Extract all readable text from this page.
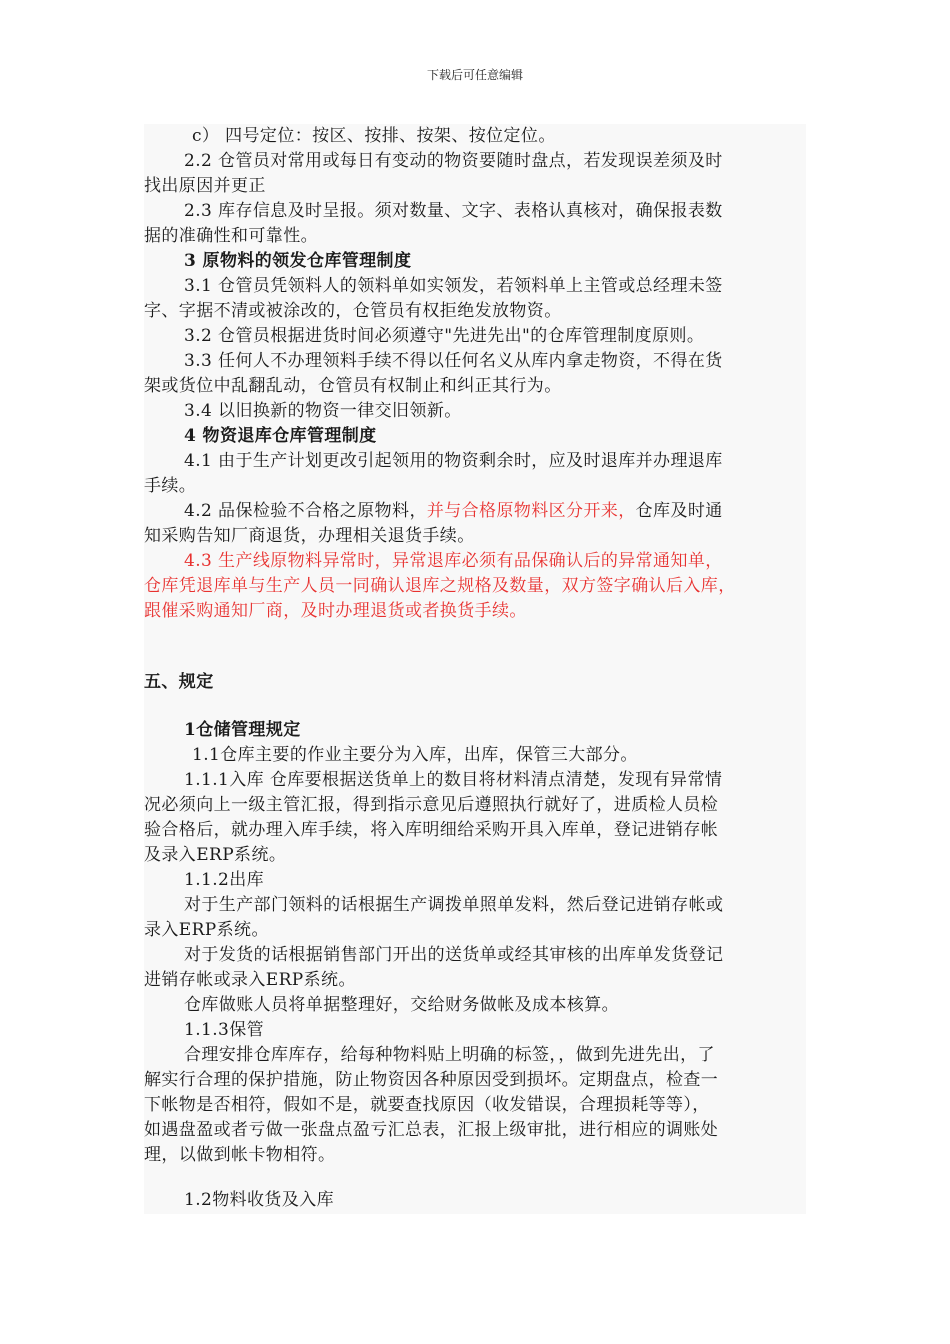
下载后可任意编辑
c） 四号定位：按区、按排、按架、按位定位。
2.2 仓管员对常用或每日有变动的物资要随时盘点，若发现误差须及时
找出原因并更正
2.3 库存信息及时呈报。须对数量、文字、表格认真核对，确保报表数
据的准确性和可靠性。
3 原物料的领发仓库管理制度
3.1 仓管员凭领料人的领料单如实领发，若领料单上主管或总经理未签
字、字据不清或被涂改的，仓管员有权拒绝发放物资。
3.2 仓管员根据进货时间必须遵守"先进先出"的仓库管理制度原则。
3.3 任何人不办理领料手续不得以任何名义从库内拿走物资，不得在货
架或货位中乱翻乱动，仓管员有权制止和纠正其行为。
3.4 以旧换新的物资一律交旧领新。
4 物资退库仓库管理制度
4.1 由于生产计划更改引起领用的物资剩余时，应及时退库并办理退库
手续。
4.2 品保检验不合格之原物料，并与合格原物料区分开来，仓库及时通
知采购告知厂商退货，办理相关退货手续。
4.3 生产线原物料异常时，异常退库必须有品保确认后的异常通知单，
仓库凭退库单与生产人员一同确认退库之规格及数量，双方签字确认后入库，
跟催采购通知厂商，及时办理退货或者换货手续。
五、规定
1仓储管理规定
1.1仓库主要的作业主要分为入库，出库，保管三大部分。
1.1.1入库 仓库要根据送货单上的数目将材料清点清楚，发现有异常情
况必须向上一级主管汇报，得到指示意见后遵照执行就好了，进质检人员检
验合格后，就办理入库手续，将入库明细给采购开具入库单，登记进销存帐
及录入ERP系统。
1.1.2出库
对于生产部门领料的话根据生产调拨单照单发料，然后登记进销存帐或
录入ERP系统。
对于发货的话根据销售部门开出的送货单或经其审核的出库单发货登记
进销存帐或录入ERP系统。
仓库做账人员将单据整理好，交给财务做帐及成本核算。
1.1.3保管
合理安排仓库库存，给每种物料贴上明确的标签，，做到先进先出，了
解实行合理的保护措施，防止物资因各种原因受到损坏。定期盘点，检查一
下帐物是否相符，假如不是，就要查找原因（收发错误，合理损耗等等），
如遇盘盈或者亏做一张盘点盈亏汇总表，汇报上级审批，进行相应的调账处
理，以做到帐卡物相符。
1.2物料收货及入库
